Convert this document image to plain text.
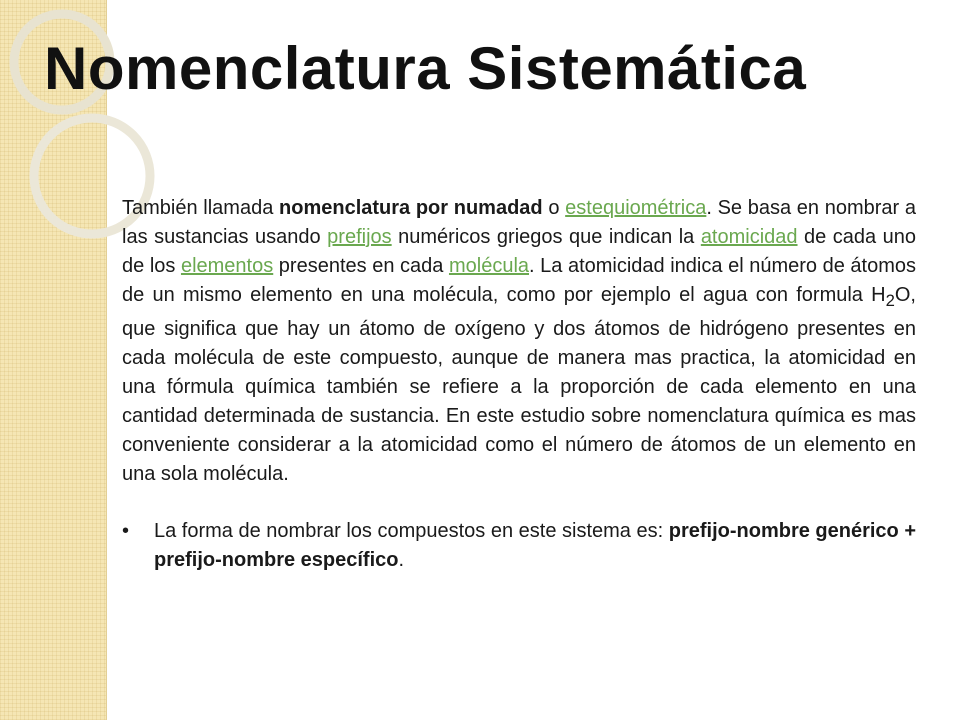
Nomenclatura Sistemática

También llamada nomenclatura por numadad o estequiométrica. Se basa en nombrar a las sustancias usando prefijos numéricos griegos que indican la atomicidad de cada uno de los elementos presentes en cada molécula. La atomicidad indica el número de átomos de un mismo elemento en una molécula, como por ejemplo el agua con formula $H_2O$, que significa que hay un átomo de oxígeno y dos átomos de hidrógeno presentes en cada molécula de este compuesto, aunque de manera mas practica, la atomicidad en una fórmula química también se refiere a la proporción de cada elemento en una cantidad determinada de sustancia. En este estudio sobre nomenclatura química es mas conveniente considerar a la atomicidad como el número de átomos de un elemento en una sola molécula.

•	La forma de nombrar los compuestos en este sistema es: prefijo-nombre genérico + prefijo-nombre específico.
